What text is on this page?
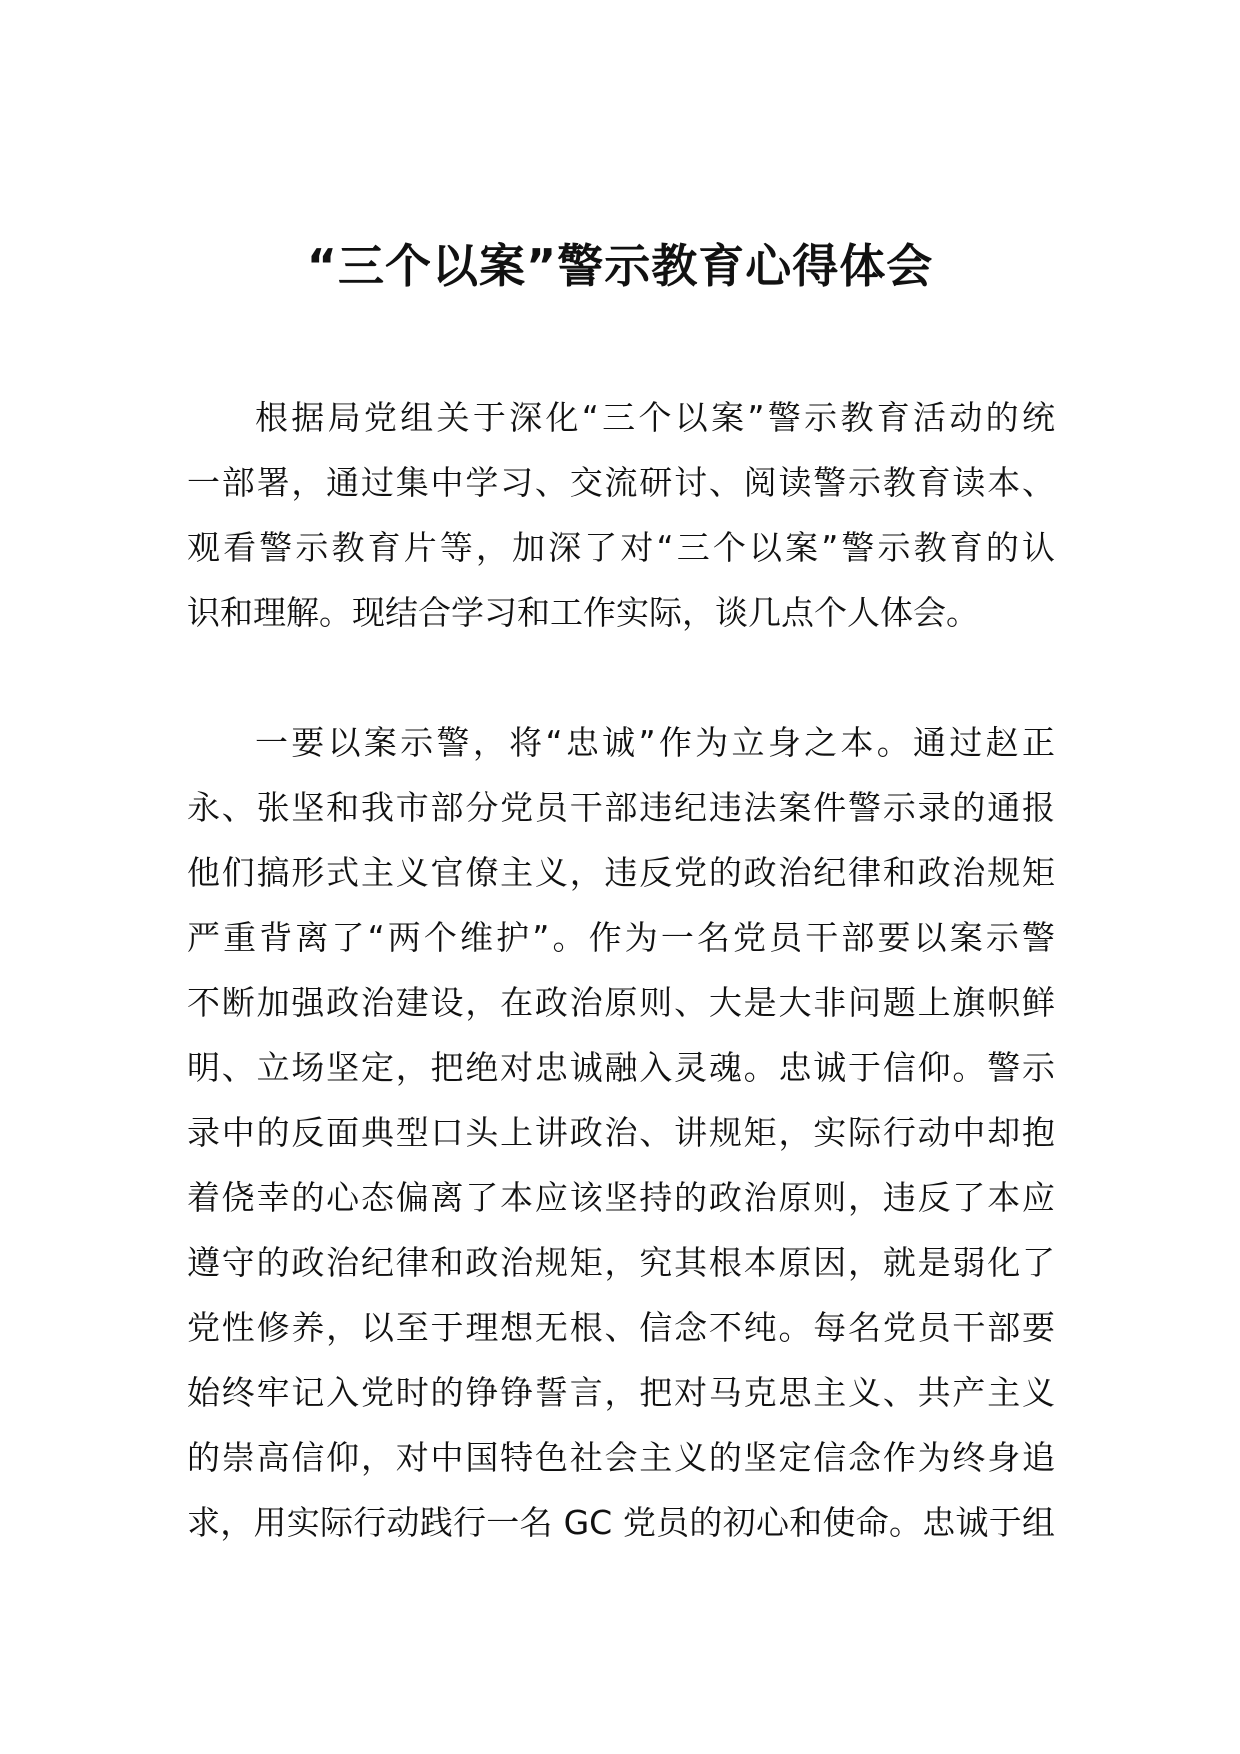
“三个以案”警示教育心得体会

根据局党组关于深化“三个以案”警示教育活动的统
一部署，通过集中学习、交流研讨、阅读警示教育读本、
观看警示教育片等，加深了对“三个以案”警示教育的认
识和理解。现结合学习和工作实际，谈几点个人体会。

一要以案示警，将“忠诚”作为立身之本。通过赵正
永、张坚和我市部分党员干部违纪违法案件警示录的通报
他们搞形式主义官僚主义，违反党的政治纪律和政治规矩
严重背离了“两个维护”。作为一名党员干部要以案示警
不断加强政治建设，在政治原则、大是大非问题上旗帜鲜
明、立场坚定，把绝对忠诚融入灵魂。忠诚于信仰。警示
录中的反面典型口头上讲政治、讲规矩，实际行动中却抱
着侥幸的心态偏离了本应该坚持的政治原则，违反了本应
遵守的政治纪律和政治规矩，究其根本原因，就是弱化了
党性修养，以至于理想无根、信念不纯。每名党员干部要
始终牢记入党时的铮铮誓言，把对马克思主义、共产主义
的崇高信仰，对中国特色社会主义的坚定信念作为终身追
求，用实际行动践行一名 GC 党员的初心和使命。忠诚于组
